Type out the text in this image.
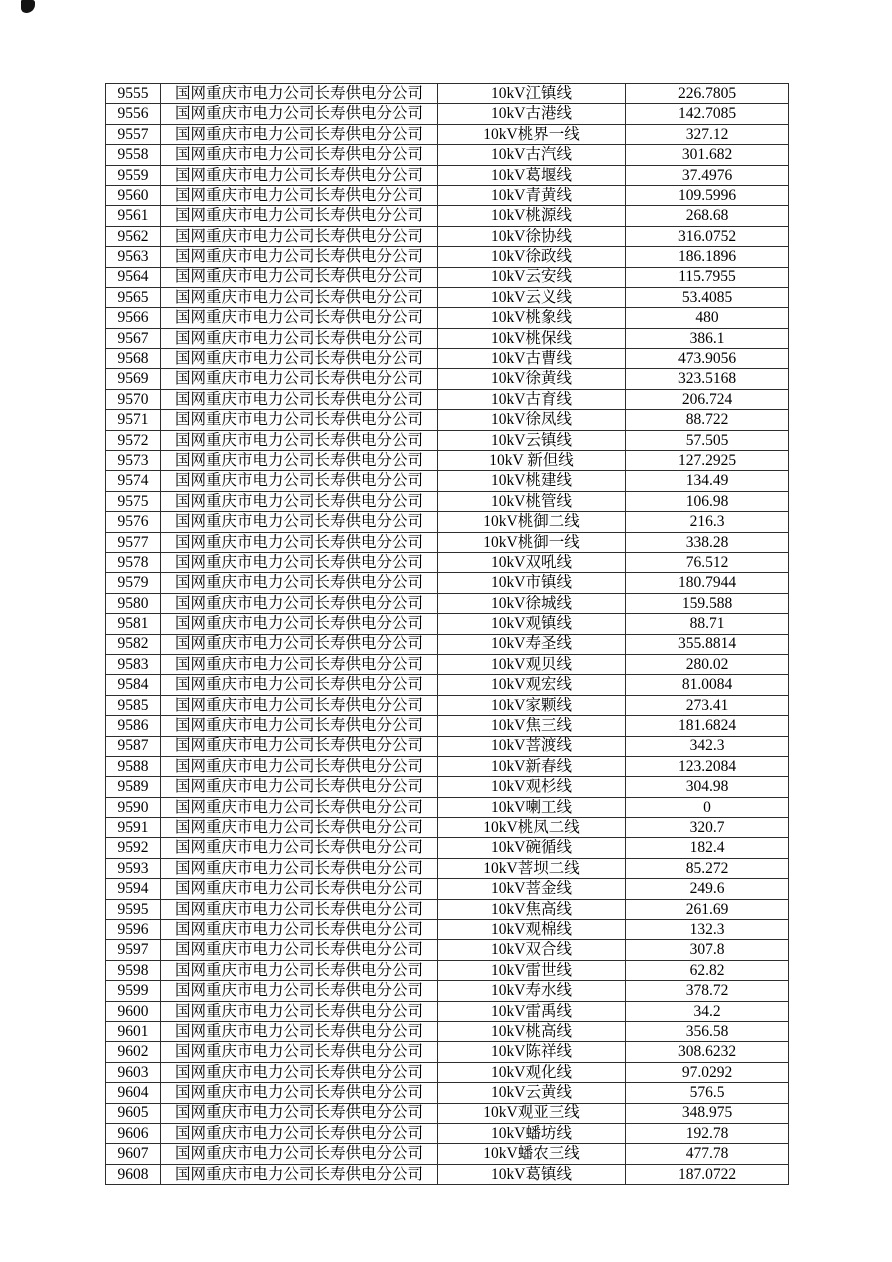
9555	国网重庆市电力公司长寿供电分公司	10kV江镇线	226.7805
9556	国网重庆市电力公司长寿供电分公司	10kV古港线	142.7085
9557	国网重庆市电力公司长寿供电分公司	10kV桃界一线	327.12
9558	国网重庆市电力公司长寿供电分公司	10kV古汽线	301.682
9559	国网重庆市电力公司长寿供电分公司	10kV葛堰线	37.4976
9560	国网重庆市电力公司长寿供电分公司	10kV青黄线	109.5996
9561	国网重庆市电力公司长寿供电分公司	10kV桃源线	268.68
9562	国网重庆市电力公司长寿供电分公司	10kV徐协线	316.0752
9563	国网重庆市电力公司长寿供电分公司	10kV徐政线	186.1896
9564	国网重庆市电力公司长寿供电分公司	10kV云安线	115.7955
9565	国网重庆市电力公司长寿供电分公司	10kV云义线	53.4085
9566	国网重庆市电力公司长寿供电分公司	10kV桃象线	480
9567	国网重庆市电力公司长寿供电分公司	10kV桃保线	386.1
9568	国网重庆市电力公司长寿供电分公司	10kV古曹线	473.9056
9569	国网重庆市电力公司长寿供电分公司	10kV徐黄线	323.5168
9570	国网重庆市电力公司长寿供电分公司	10kV古育线	206.724
9571	国网重庆市电力公司长寿供电分公司	10kV徐凤线	88.722
9572	国网重庆市电力公司长寿供电分公司	10kV云镇线	57.505
9573	国网重庆市电力公司长寿供电分公司	10kV 新但线	127.2925
9574	国网重庆市电力公司长寿供电分公司	10kV桃建线	134.49
9575	国网重庆市电力公司长寿供电分公司	10kV桃管线	106.98
9576	国网重庆市电力公司长寿供电分公司	10kV桃御二线	216.3
9577	国网重庆市电力公司长寿供电分公司	10kV桃御一线	338.28
9578	国网重庆市电力公司长寿供电分公司	10kV双吼线	76.512
9579	国网重庆市电力公司长寿供电分公司	10kV市镇线	180.7944
9580	国网重庆市电力公司长寿供电分公司	10kV徐城线	159.588
9581	国网重庆市电力公司长寿供电分公司	10kV观镇线	88.71
9582	国网重庆市电力公司长寿供电分公司	10kV寿圣线	355.8814
9583	国网重庆市电力公司长寿供电分公司	10kV观贝线	280.02
9584	国网重庆市电力公司长寿供电分公司	10kV观宏线	81.0084
9585	国网重庆市电力公司长寿供电分公司	10kV家颗线	273.41
9586	国网重庆市电力公司长寿供电分公司	10kV焦三线	181.6824
9587	国网重庆市电力公司长寿供电分公司	10kV菩渡线	342.3
9588	国网重庆市电力公司长寿供电分公司	10kV新春线	123.2084
9589	国网重庆市电力公司长寿供电分公司	10kV观杉线	304.98
9590	国网重庆市电力公司长寿供电分公司	10kV喇工线	0
9591	国网重庆市电力公司长寿供电分公司	10kV桃凤二线	320.7
9592	国网重庆市电力公司长寿供电分公司	10kV碗循线	182.4
9593	国网重庆市电力公司长寿供电分公司	10kV菩坝二线	85.272
9594	国网重庆市电力公司长寿供电分公司	10kV菩金线	249.6
9595	国网重庆市电力公司长寿供电分公司	10kV焦高线	261.69
9596	国网重庆市电力公司长寿供电分公司	10kV观棉线	132.3
9597	国网重庆市电力公司长寿供电分公司	10kV双合线	307.8
9598	国网重庆市电力公司长寿供电分公司	10kV雷世线	62.82
9599	国网重庆市电力公司长寿供电分公司	10kV寿水线	378.72
9600	国网重庆市电力公司长寿供电分公司	10kV雷禹线	34.2
9601	国网重庆市电力公司长寿供电分公司	10kV桃高线	356.58
9602	国网重庆市电力公司长寿供电分公司	10kV陈祥线	308.6232
9603	国网重庆市电力公司长寿供电分公司	10kV观化线	97.0292
9604	国网重庆市电力公司长寿供电分公司	10kV云黄线	576.5
9605	国网重庆市电力公司长寿供电分公司	10kV观亚三线	348.975
9606	国网重庆市电力公司长寿供电分公司	10kV蟠坊线	192.78
9607	国网重庆市电力公司长寿供电分公司	10kV蟠农三线	477.78
9608	国网重庆市电力公司长寿供电分公司	10kV葛镇线	187.0722
